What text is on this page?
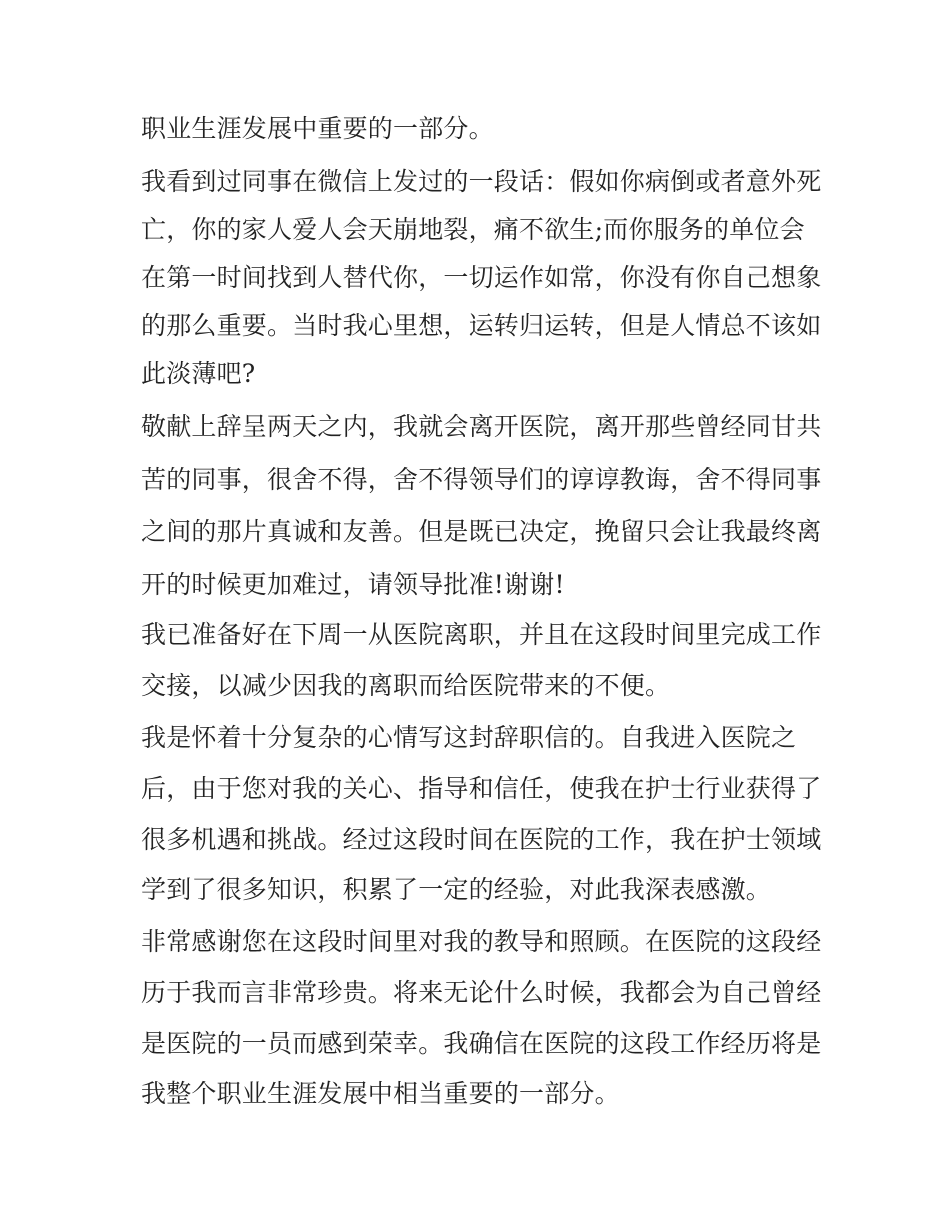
职业生涯发展中重要的一部分。
我看到过同事在微信上发过的一段话：假如你病倒或者意外死
亡，你的家人爱人会天崩地裂，痛不欲生;而你服务的单位会
在第一时间找到人替代你，一切运作如常，你没有你自己想象
的那么重要。当时我心里想，运转归运转，但是人情总不该如
此淡薄吧?
敬献上辞呈两天之内，我就会离开医院，离开那些曾经同甘共
苦的同事，很舍不得，舍不得领导们的谆谆教诲，舍不得同事
之间的那片真诚和友善。但是既已决定，挽留只会让我最终离
开的时候更加难过，请领导批准!谢谢!
我已准备好在下周一从医院离职，并且在这段时间里完成工作
交接，以减少因我的离职而给医院带来的不便。
我是怀着十分复杂的心情写这封辞职信的。自我进入医院之
后，由于您对我的关心、指导和信任，使我在护士行业获得了
很多机遇和挑战。经过这段时间在医院的工作，我在护士领域
学到了很多知识，积累了一定的经验，对此我深表感激。
非常感谢您在这段时间里对我的教导和照顾。在医院的这段经
历于我而言非常珍贵。将来无论什么时候，我都会为自己曾经
是医院的一员而感到荣幸。我确信在医院的这段工作经历将是
我整个职业生涯发展中相当重要的一部分。
